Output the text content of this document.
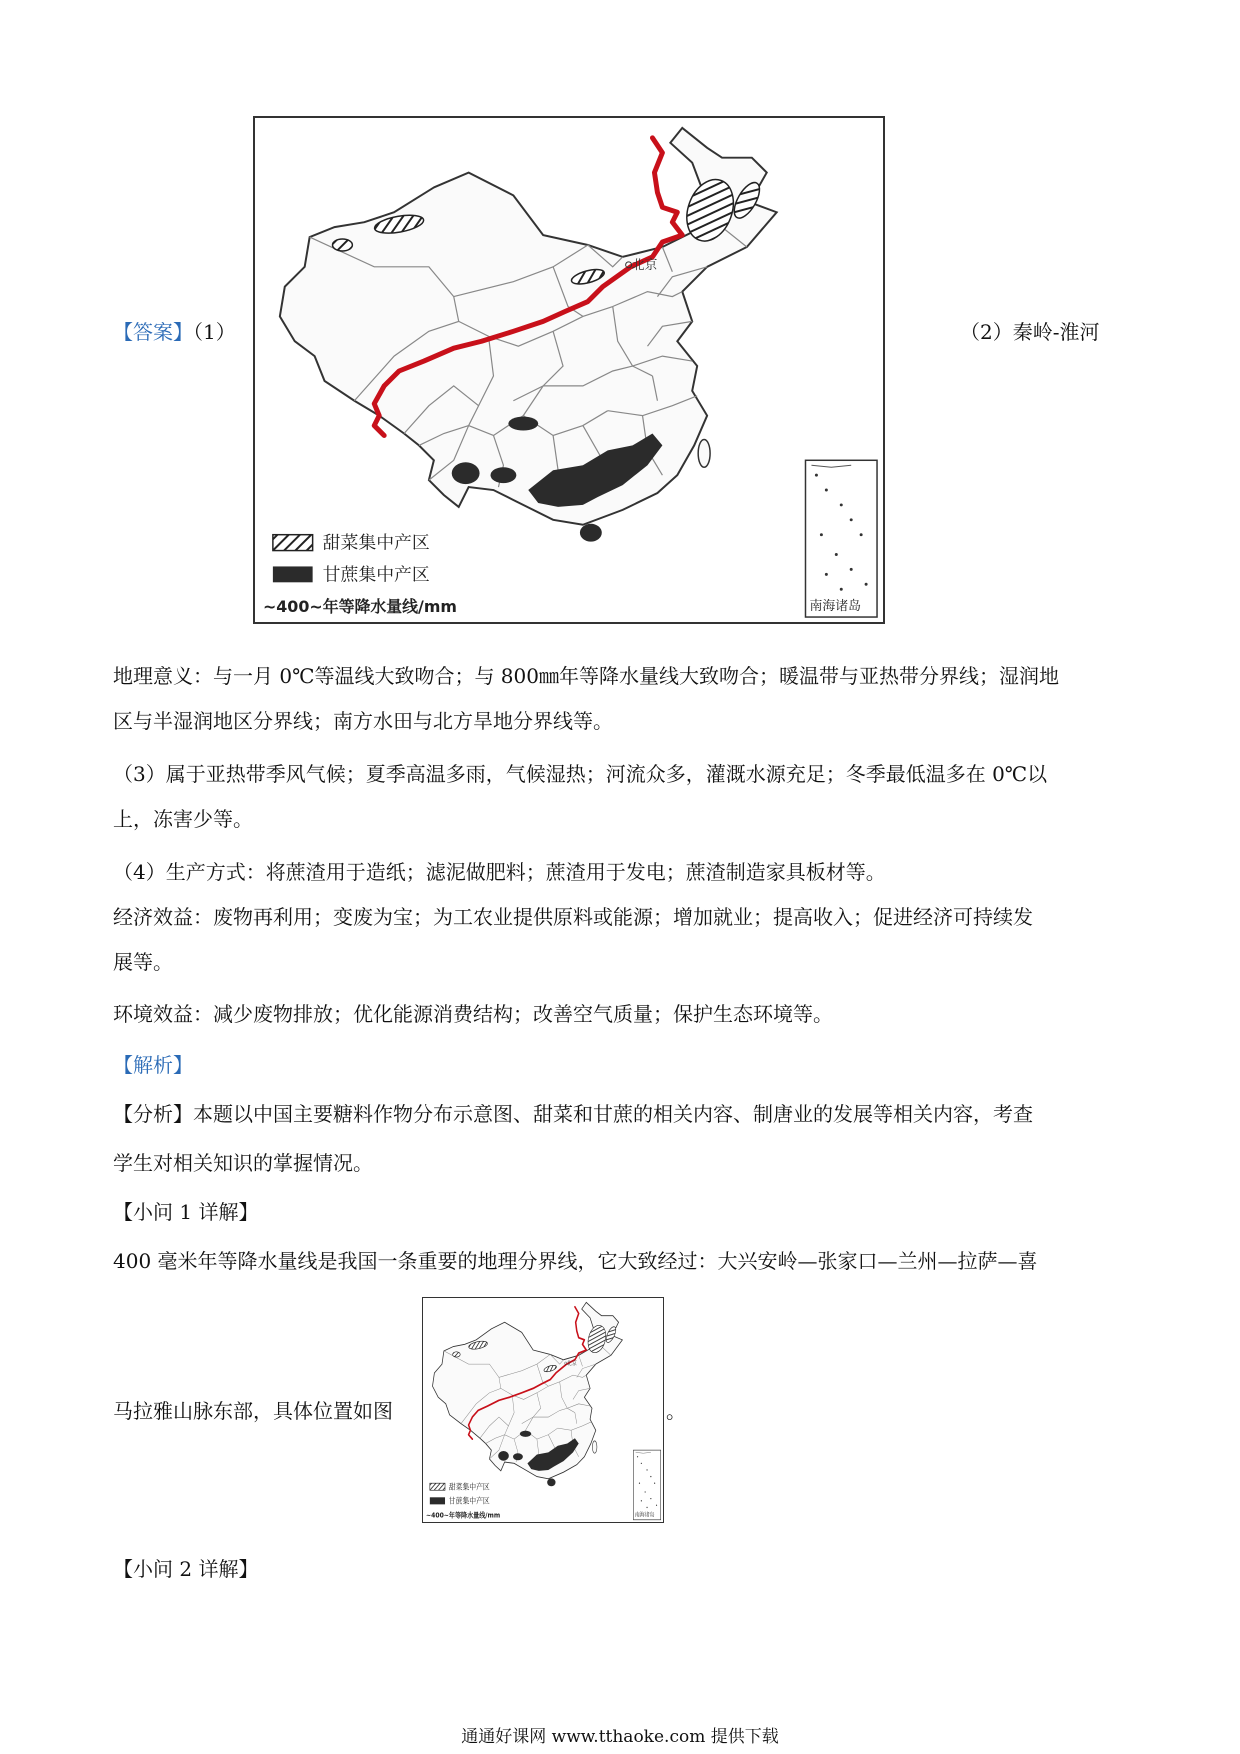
【答案】（1）	（2）秦岭-淮河
北京
甜菜集中产区
甘蔗集中产区
~400~年等降水量线/mm	南海诸岛
地理意义：与一月 0℃等温线大致吻合；与 800㎜年等降水量线大致吻合；暖温带与亚热带分界线；湿润地
区与半湿润地区分界线；南方水田与北方旱地分界线等。
（3）属于亚热带季风气候；夏季高温多雨，气候湿热；河流众多，灌溉水源充足；冬季最低温多在 0℃以
上，冻害少等。
（4）生产方式：将蔗渣用于造纸；滤泥做肥料；蔗渣用于发电；蔗渣制造家具板材等。
经济效益：废物再利用；变废为宝；为工农业提供原料或能源；增加就业；提高收入；促进经济可持续发
展等。
环境效益：减少废物排放；优化能源消费结构；改善空气质量；保护生态环境等。
【解析】
【分析】本题以中国主要糖料作物分布示意图、甜菜和甘蔗的相关内容、制唐业的发展等相关内容，考查
学生对相关知识的掌握情况。
【小问 1 详解】
400 毫米年等降水量线是我国一条重要的地理分界线，它大致经过：大兴安岭—张家口—兰州—拉萨—喜
马拉雅山脉东部，具体位置如图
北京
甜菜集中产区
甘蔗集中产区
~400~年等降水量线/mm	南海诸岛
。
【小问 2 详解】
通通好课网 www.tthaoke.com 提供下载
